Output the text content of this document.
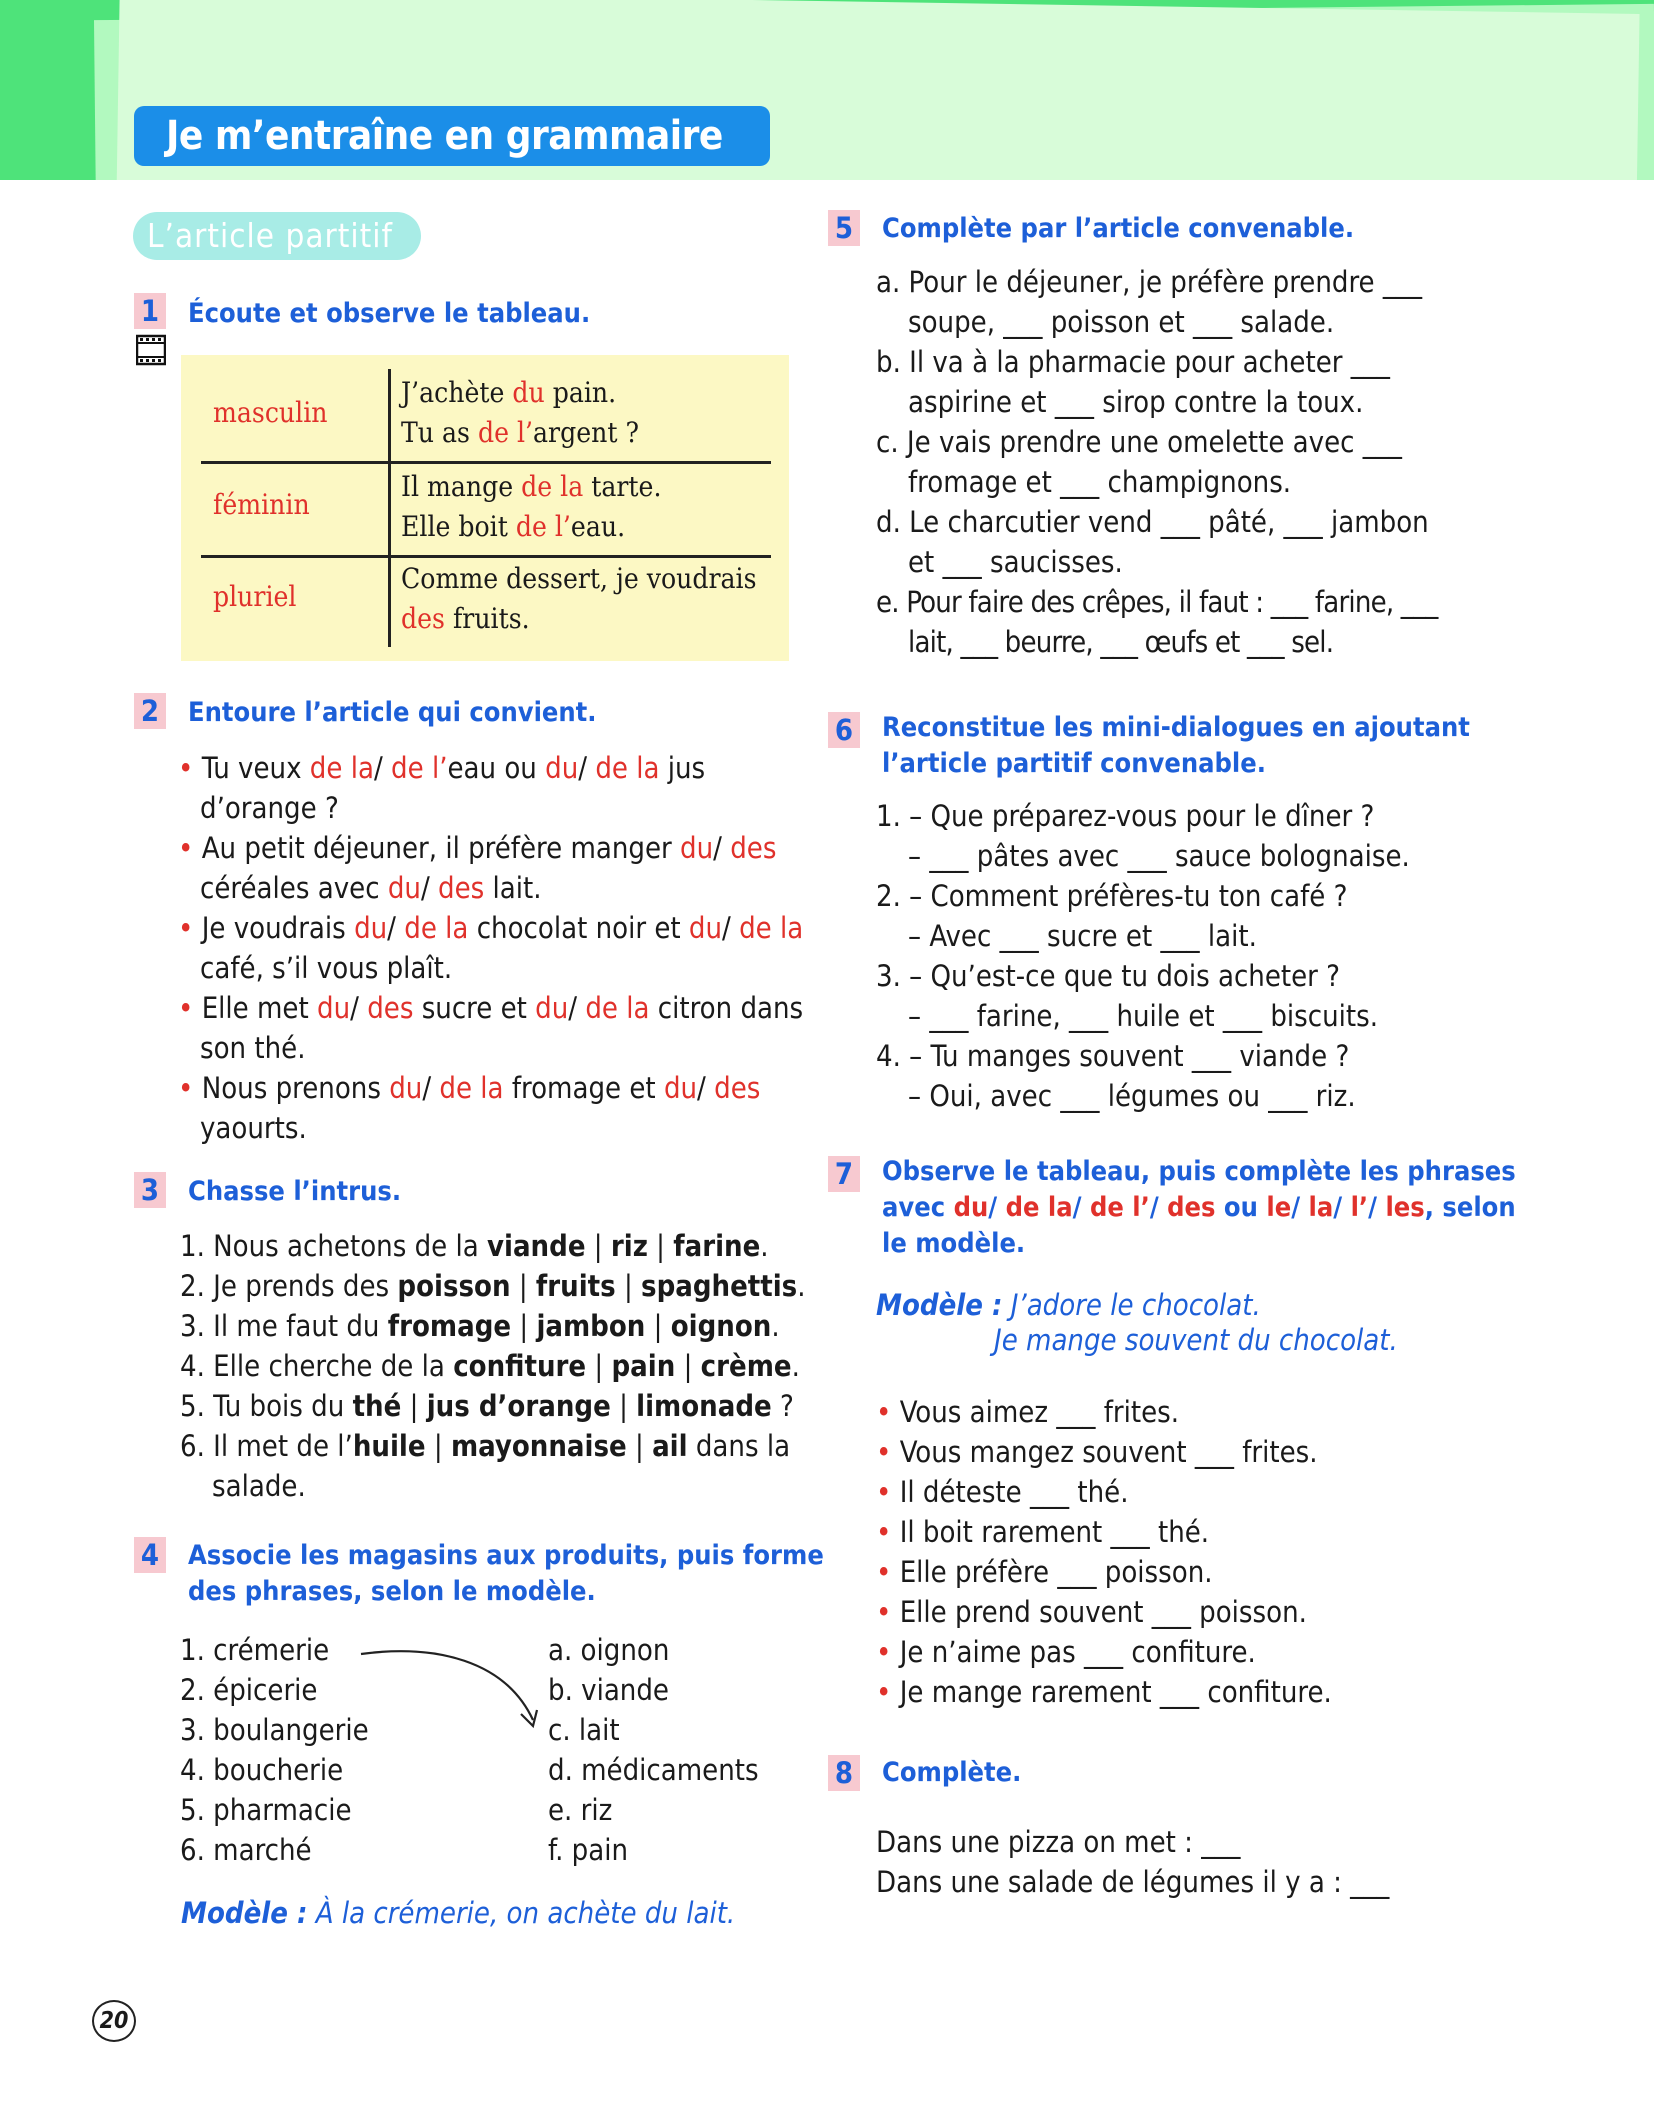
Je m’entraîne en grammaire
L’article partitif
1 Écoute et observe le tableau.
masculin
J’achète du pain.
Tu as de l’argent ?
féminin
Il mange de la tarte.
Elle boit de l’eau.
pluriel
Comme dessert, je voudrais
des fruits.
2 Entoure l’article qui convient.
• Tu veux de la/ de l’eau ou du/ de la jus
d’orange ?
• Au petit déjeuner, il préfère manger du/ des
céréales avec du/ des lait.
• Je voudrais du/ de la chocolat noir et du/ de la
café, s’il vous plaît.
• Elle met du/ des sucre et du/ de la citron dans
son thé.
• Nous prenons du/ de la fromage et du/ des
yaourts.
3 Chasse l’intrus.
4 Associe les magasins aux produits, puis forme
des phrases, selon le modèle.
1. crémerie
2. épicerie
3. boulangerie
4. boucherie
5. pharmacie
6. marché
a. oignon
b. viande
c. lait
d. médicaments
e. riz
f. pain
Modèle : À la crémerie, on achète du lait.
5 Complète par l’article convenable.
6 Reconstitue les mini-dialogues en ajoutant
l’article partitif convenable.
7 Observe le tableau, puis complète les phrases
avec du/ de la/ de l’/ des ou le/ la/ l’/ les, selon
le modèle.
Modèle : J’adore le chocolat.
Je mange souvent du chocolat.
8 Complète.
Dans une pizza on met : ___
Dans une salade de légumes il y a : ___
20
1. Nous achetons de la viande | riz | farine.
2. Je prends des poisson | fruits | spaghettis.
3. Il me faut du fromage | jambon | oignon.
4. Elle cherche de la confiture | pain | crème.
5. Tu bois du thé | jus d’orange | limonade ?
6. Il met de l’huile | mayonnaise | ail dans la
salade.
a. Pour le déjeuner, je préfère prendre ___
soupe, ___ poisson et ___ salade.
b. Il va à la pharmacie pour acheter ___
aspirine et ___ sirop contre la toux.
c. Je vais prendre une omelette avec ___
fromage et ___ champignons.
d. Le charcutier vend ___ pâté, ___ jambon
et ___ saucisses.
e. Pour faire des crêpes, il faut : ___ farine, ___
lait, ___ beurre, ___ œufs et ___ sel.
1. – Que préparez-vous pour le dîner ?
– ___ pâtes avec ___ sauce bolognaise.
2. – Comment préfères-tu ton café ?
– Avec ___ sucre et ___ lait.
3. – Qu’est-ce que tu dois acheter ?
– ___ farine, ___ huile et ___ biscuits.
4. – Tu manges souvent ___ viande ?
– Oui, avec ___ légumes ou ___ riz.
• Vous aimez ___ frites.
• Vous mangez souvent ___ frites.
• Il déteste ___ thé.
• Il boit rarement ___ thé.
• Elle préfère ___ poisson.
• Elle prend souvent ___ poisson.
• Je n’aime pas ___ confiture.
• Je mange rarement ___ confiture.
